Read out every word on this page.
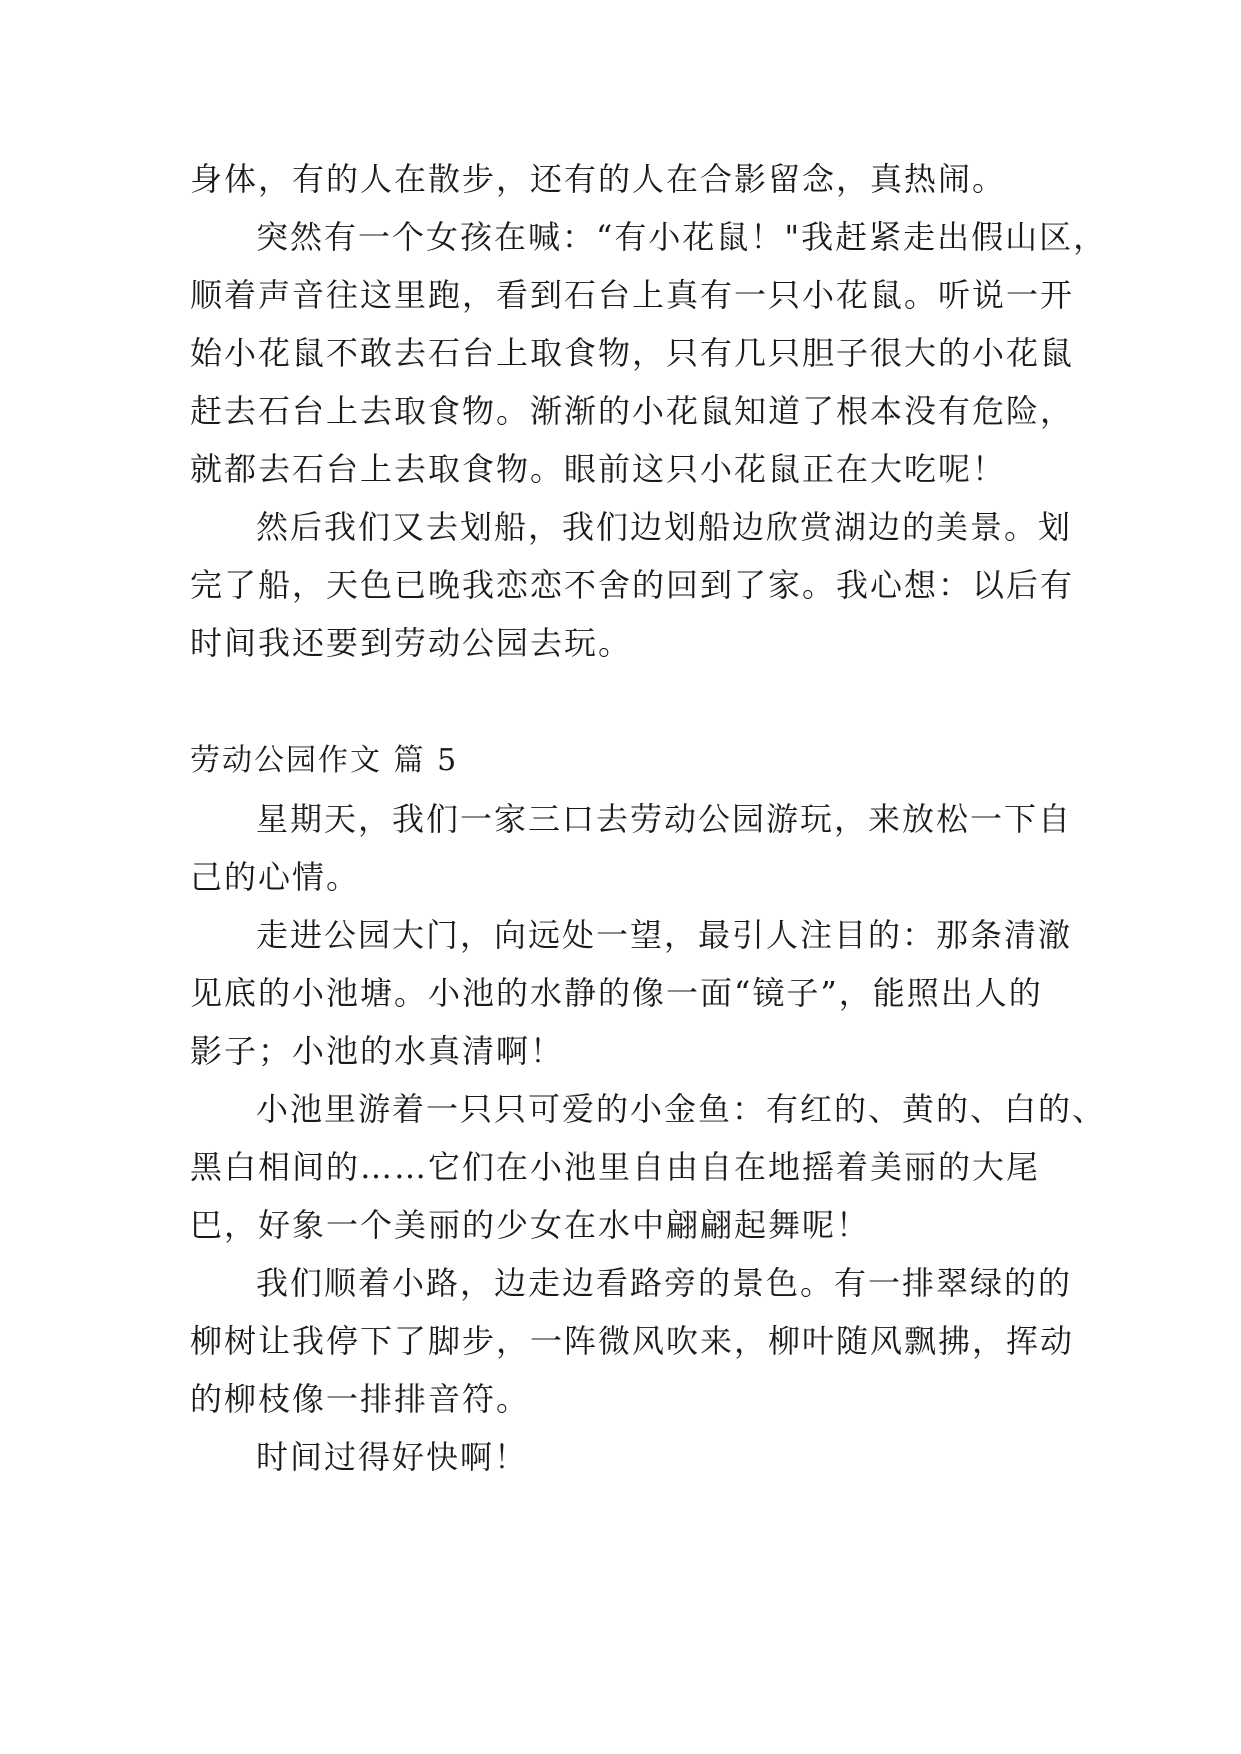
身体，有的人在散步，还有的人在合影留念，真热闹。
突然有一个女孩在喊：“有小花鼠！"我赶紧走出假山区，
顺着声音往这里跑，看到石台上真有一只小花鼠。听说一开
始小花鼠不敢去石台上取食物，只有几只胆子很大的小花鼠
赶去石台上去取食物。渐渐的小花鼠知道了根本没有危险，
就都去石台上去取食物。眼前这只小花鼠正在大吃呢！
然后我们又去划船，我们边划船边欣赏湖边的美景。划
完了船，天色已晚我恋恋不舍的回到了家。我心想：以后有
时间我还要到劳动公园去玩。
劳动公园作文 篇 5
星期天，我们一家三口去劳动公园游玩，来放松一下自
己的心情。
走进公园大门，向远处一望，最引人注目的：那条清澈
见底的小池塘。小池的水静的像一面“镜子”，能照出人的
影子；小池的水真清啊！
小池里游着一只只可爱的小金鱼：有红的、黄的、白的、
黑白相间的……它们在小池里自由自在地摇着美丽的大尾
巴，好象一个美丽的少女在水中翩翩起舞呢！
我们顺着小路，边走边看路旁的景色。有一排翠绿的的
柳树让我停下了脚步，一阵微风吹来，柳叶随风飘拂，挥动
的柳枝像一排排音符。
时间过得好快啊！
